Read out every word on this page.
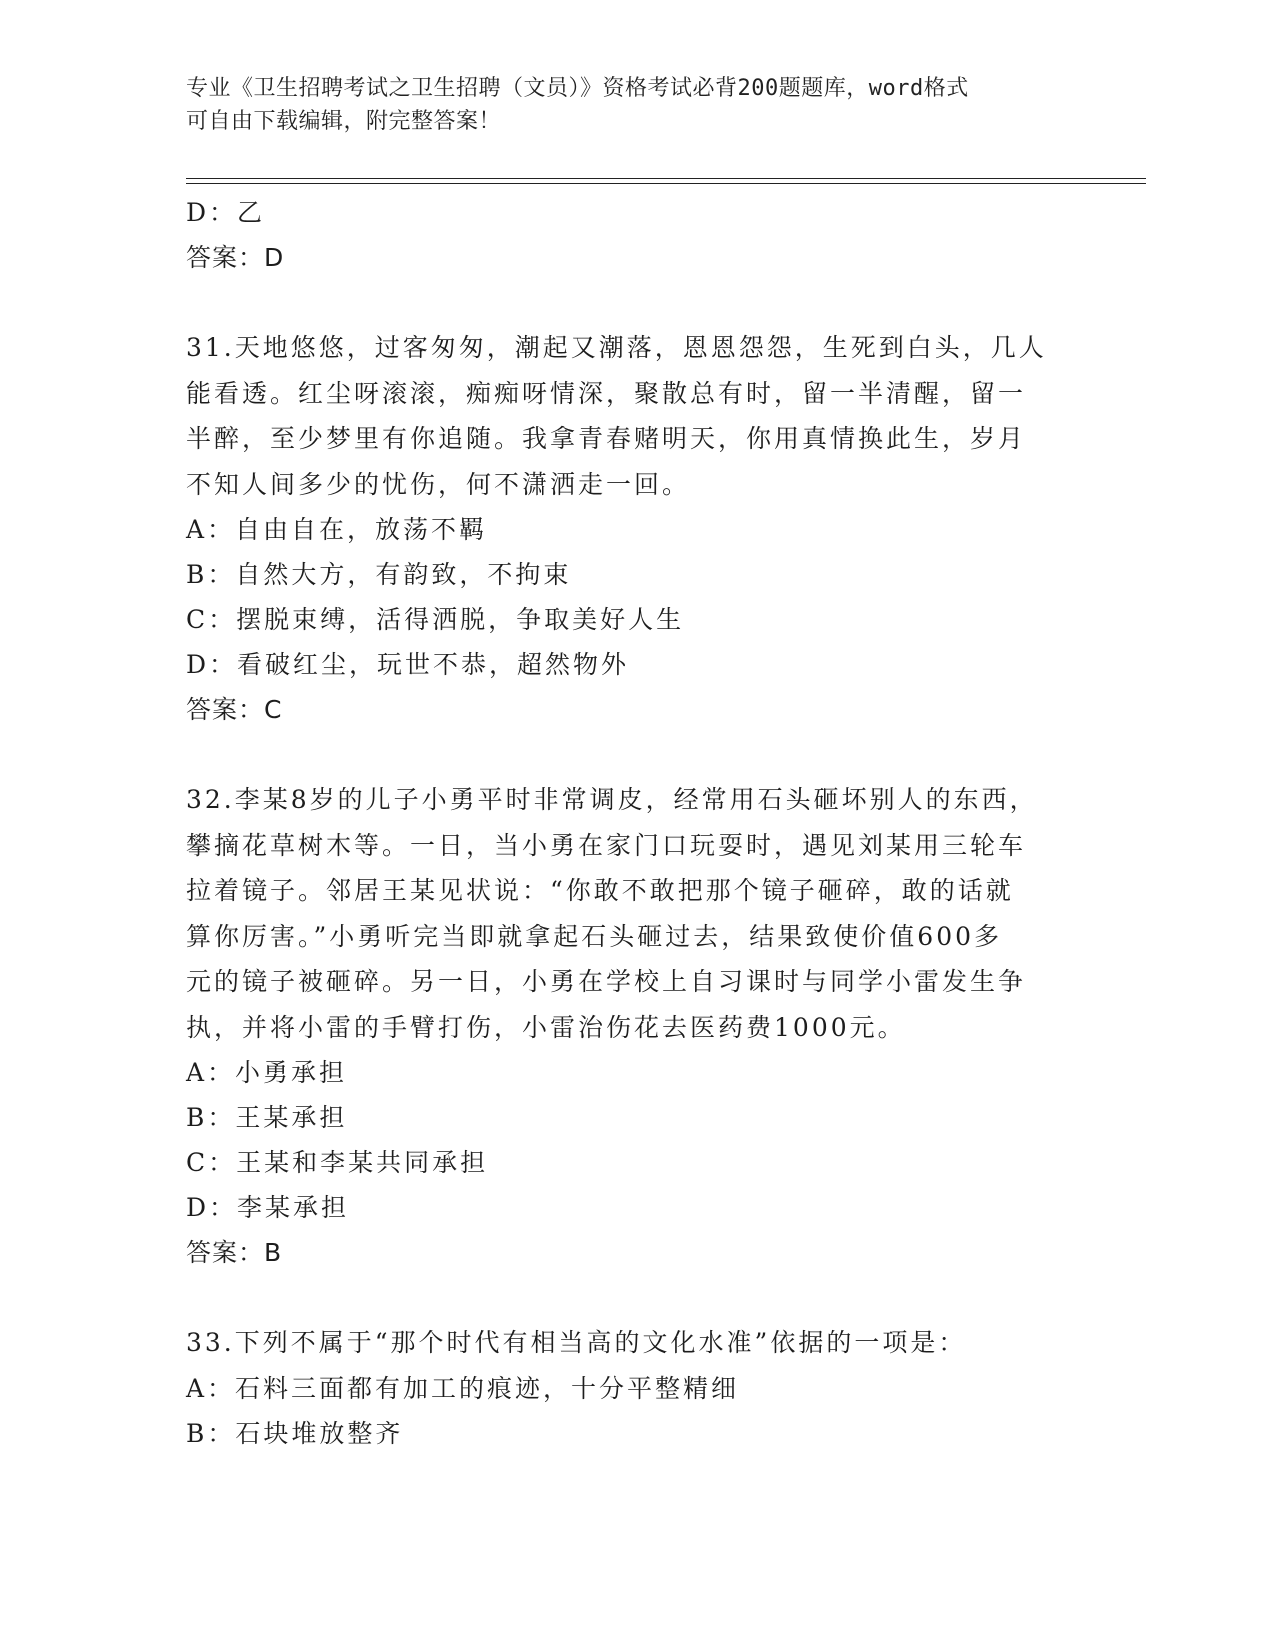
专业《卫生招聘考试之卫生招聘（文员）》资格考试必背200题题库，word格式
可自由下载编辑，附完整答案！
D：乙
答案：D
31.天地悠悠，过客匆匆，潮起又潮落，恩恩怨怨，生死到白头，几人
能看透。红尘呀滚滚，痴痴呀情深，聚散总有时，留一半清醒，留一
半醉，至少梦里有你追随。我拿青春赌明天，你用真情换此生，岁月
不知人间多少的忧伤，何不潇洒走一回。
A：自由自在，放荡不羁
B：自然大方，有韵致，不拘束
C：摆脱束缚，活得洒脱，争取美好人生
D：看破红尘，玩世不恭，超然物外
答案：C
32.李某8岁的儿子小勇平时非常调皮，经常用石头砸坏别人的东西，
攀摘花草树木等。一日，当小勇在家门口玩耍时，遇见刘某用三轮车
拉着镜子。邻居王某见状说：“你敢不敢把那个镜子砸碎，敢的话就
算你厉害。”小勇听完当即就拿起石头砸过去，结果致使价值600多
元的镜子被砸碎。另一日，小勇在学校上自习课时与同学小雷发生争
执，并将小雷的手臂打伤，小雷治伤花去医药费1000元。
A：小勇承担
B：王某承担
C：王某和李某共同承担
D：李某承担
答案：B
33.下列不属于“那个时代有相当高的文化水准”依据的一项是：
A：石料三面都有加工的痕迹，十分平整精细
B：石块堆放整齐
